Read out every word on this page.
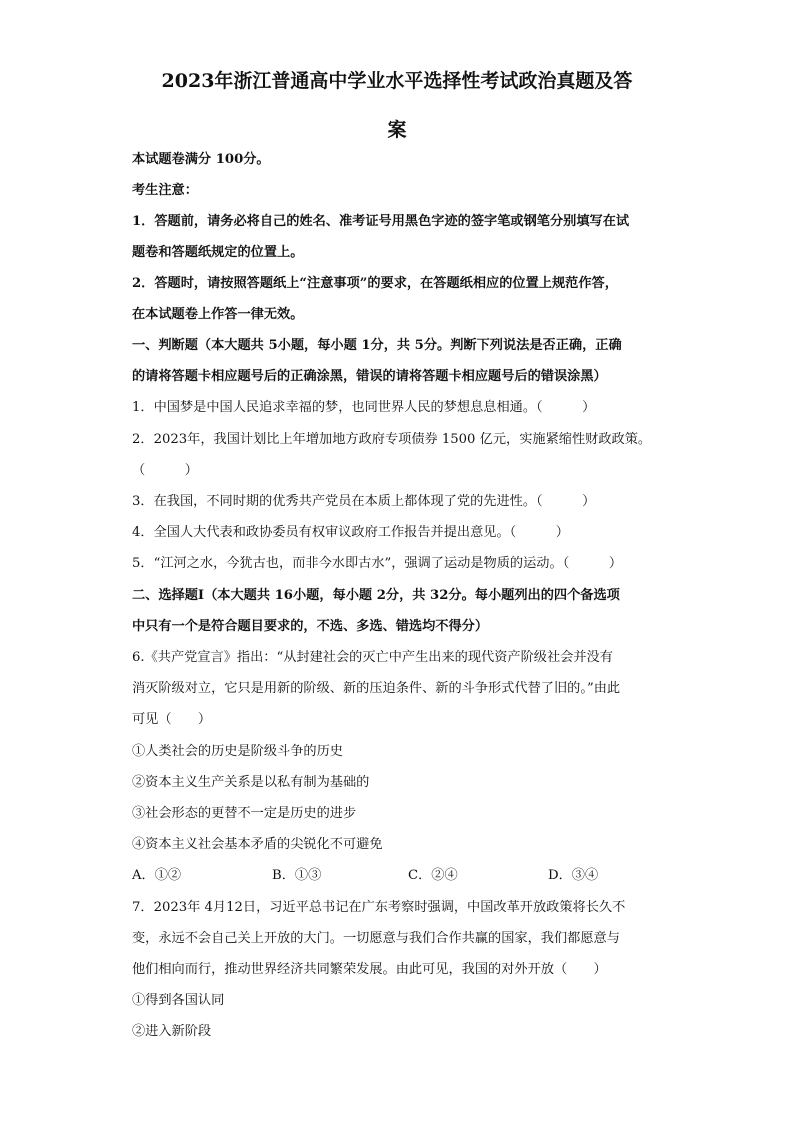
2023年浙江普通高中学业水平选择性考试政治真题及答
案
本试题卷满分 100分。
考生注意：
1．答题前，请务必将自己的姓名、准考证号用黑色字迹的签字笔或钢笔分别填写在试
题卷和答题纸规定的位置上。
2．答题时，请按照答题纸上“注意事项”的要求，在答题纸相应的位置上规范作答，
在本试题卷上作答一律无效。
一、判断题（本大题共 5小题，每小题 1分，共 5分。判断下列说法是否正确，正确
的请将答题卡相应题号后的正确涂黑，错误的请将答题卡相应题号后的错误涂黑）
1．中国梦是中国人民追求幸福的梦，也同世界人民的梦想息息相通。（　　　）
2．2023年，我国计划比上年增加地方政府专项债券 1500 亿元，实施紧缩性财政政策。
（　　　）
3．在我国，不同时期的优秀共产党员在本质上都体现了党的先进性。（　　　）
4．全国人大代表和政协委员有权审议政府工作报告并提出意见。（　　　）
5．“江河之水，今犹古也，而非今水即古水”，强调了运动是物质的运动。（　　　）
二、选择题Ⅰ（本大题共 16小题，每小题 2分，共 32分。每小题列出的四个备选项
中只有一个是符合题目要求的，不选、多选、错选均不得分）
6.《共产党宣言》指出：“从封建社会的灭亡中产生出来的现代资产阶级社会并没有
消灭阶级对立，它只是用新的阶级、新的压迫条件、新的斗争形式代替了旧的。”由此
可见（　　）
①人类社会的历史是阶级斗争的历史
②资本主义生产关系是以私有制为基础的
③社会形态的更替不一定是历史的进步
④资本主义社会基本矛盾的尖锐化不可避免
A．①②	B．①③	C．②④	D．③④
7．2023年 4月12日，习近平总书记在广东考察时强调，中国改革开放政策将长久不
变，永远不会自己关上开放的大门。一切愿意与我们合作共赢的国家，我们都愿意与
他们相向而行，推动世界经济共同繁荣发展。由此可见，我国的对外开放（　　）
①得到各国认同
②进入新阶段
